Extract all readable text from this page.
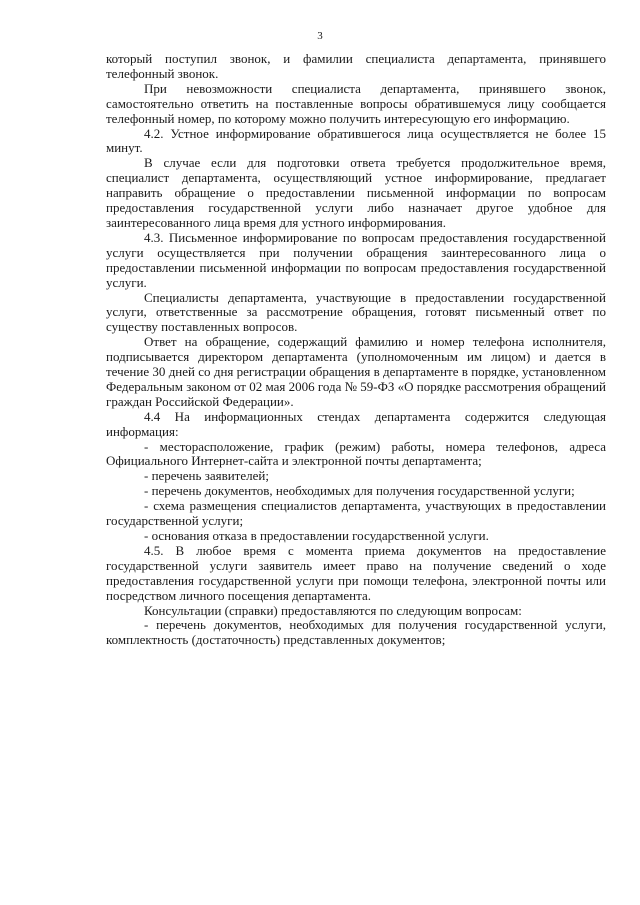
3

который поступил звонок, и фамилии специалиста департамента, принявшего телефонный звонок.

При невозможности специалиста департамента, принявшего звонок, самостоятельно ответить на поставленные вопросы обратившемуся лицу сообщается телефонный номер, по которому можно получить интересующую его информацию.

4.2. Устное информирование обратившегося лица осуществляется не более 15 минут.

В случае если для подготовки ответа требуется продолжительное время, специалист департамента, осуществляющий устное информирование, предлагает направить обращение о предоставлении письменной информации по вопросам предоставления государственной услуги либо назначает другое удобное для заинтересованного лица время для устного информирования.

4.3. Письменное информирование по вопросам предоставления государственной услуги осуществляется при получении обращения заинтересованного лица о предоставлении письменной информации по вопросам предоставления государственной услуги.

Специалисты департамента, участвующие в предоставлении государственной услуги, ответственные за рассмотрение обращения, готовят письменный ответ по существу поставленных вопросов.

Ответ на обращение, содержащий фамилию и номер телефона исполнителя, подписывается директором департамента (уполномоченным им лицом) и дается в течение 30 дней со дня регистрации обращения в департаменте в порядке, установленном Федеральным законом от 02 мая 2006 года № 59-ФЗ «О порядке рассмотрения обращений граждан Российской Федерации».

4.4 На информационных стендах департамента содержится следующая информация:

- месторасположение, график (режим) работы, номера телефонов, адреса Официального Интернет-сайта и электронной почты департамента;

- перечень заявителей;

- перечень документов, необходимых для получения государственной услуги;

- схема размещения специалистов департамента, участвующих в предоставлении государственной услуги;

- основания отказа в предоставлении государственной услуги.

4.5. В любое время с момента приема документов на предоставление государственной услуги заявитель имеет право на получение сведений о ходе предоставления государственной услуги при помощи телефона, электронной почты или посредством личного посещения департамента.

Консультации (справки) предоставляются по следующим вопросам:

- перечень документов, необходимых для получения государственной услуги, комплектность (достаточность) представленных документов;
